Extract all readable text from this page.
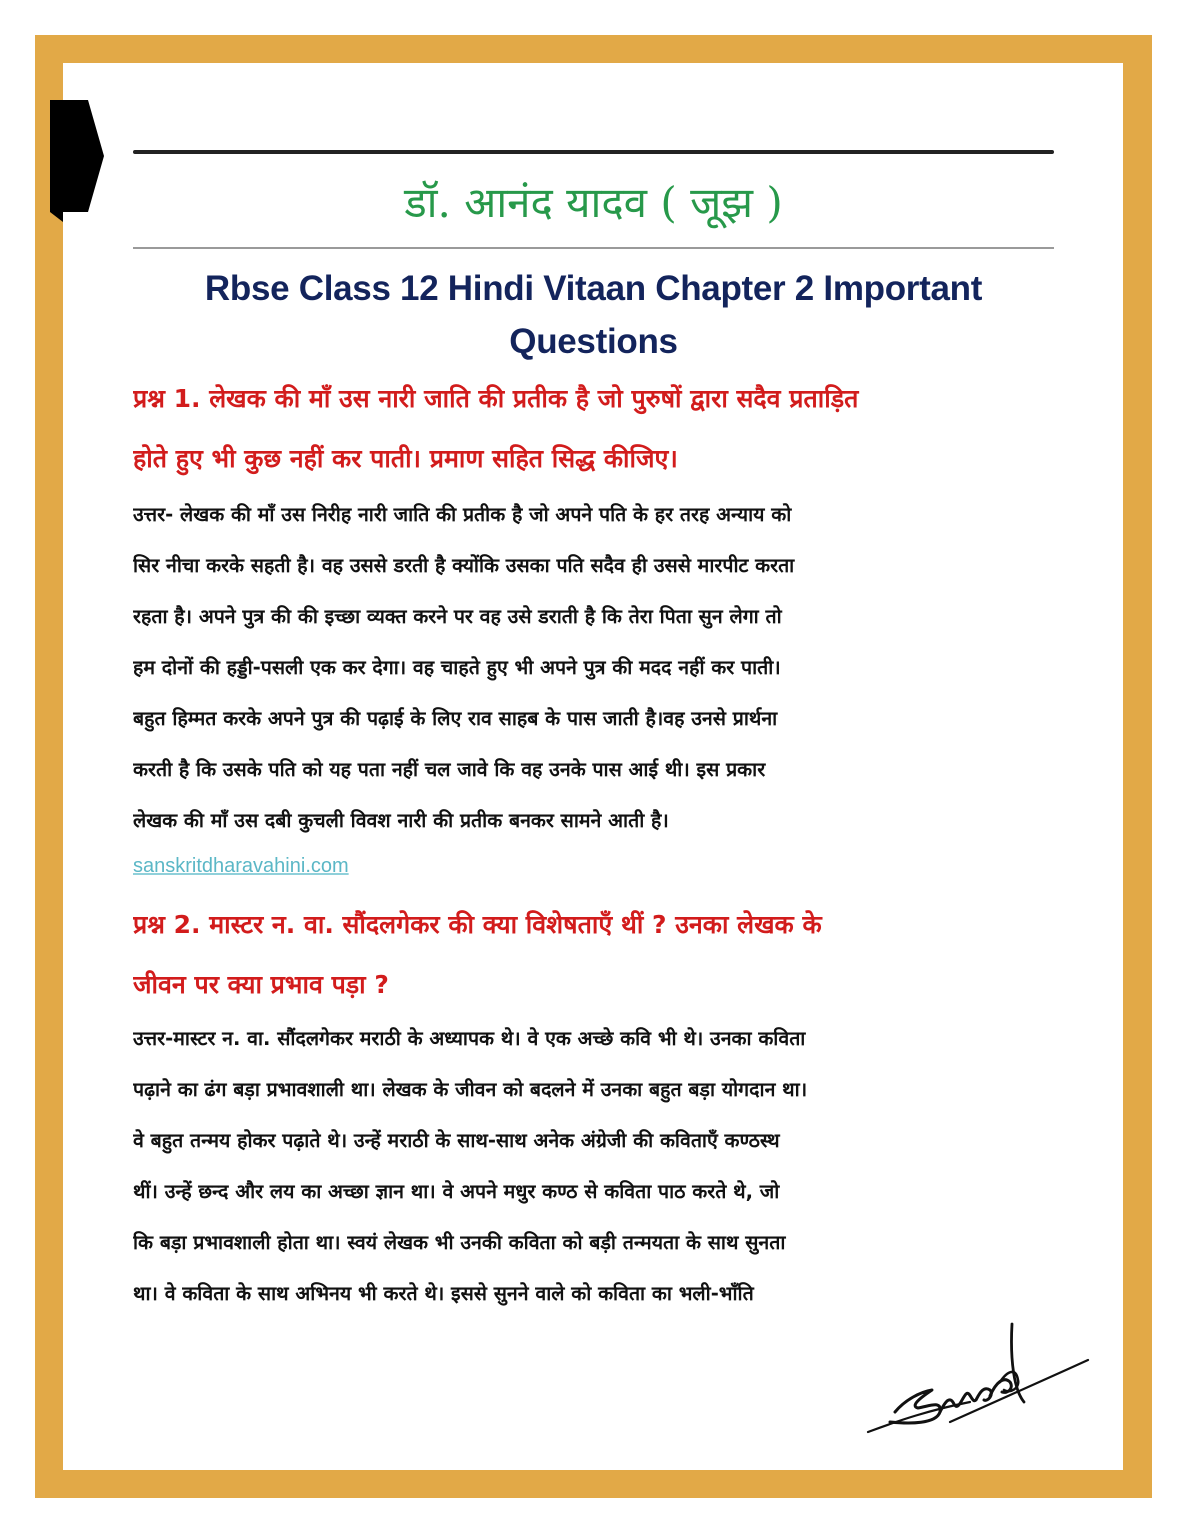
डॉ. आनंद यादव ( जूझ )
Rbse Class 12 Hindi Vitaan Chapter 2 Important
Questions
प्रश्न 1. लेखक की माँ उस नारी जाति की प्रतीक है जो पुरुषों द्वारा सदैव प्रताड़ित
होते हुए भी कुछ नहीं कर पाती। प्रमाण सहित सिद्ध कीजिए।
उत्तर- लेखक की माँ उस निरीह नारी जाति की प्रतीक है जो अपने पति के हर तरह अन्याय को
सिर नीचा करके सहती है। वह उससे डरती है क्योंकि उसका पति सदैव ही उससे मारपीट करता
रहता है। अपने पुत्र की की इच्छा व्यक्त करने पर वह उसे डराती है कि तेरा पिता सुन लेगा तो
हम दोनों की हड्डी-पसली एक कर देगा। वह चाहते हुए भी अपने पुत्र की मदद नहीं कर पाती।
बहुत हिम्मत करके अपने पुत्र की पढ़ाई के लिए राव साहब के पास जाती है।वह उनसे प्रार्थना
करती है कि उसके पति को यह पता नहीं चल जावे कि वह उनके पास आई थी। इस प्रकार
लेखक की माँ उस दबी कुचली विवश नारी की प्रतीक बनकर सामने आती है।
sanskritdharavahini.com
प्रश्न 2. मास्टर न. वा. सौंदलगेकर की क्या विशेषताएँ थीं ? उनका लेखक के
जीवन पर क्या प्रभाव पड़ा ?
उत्तर-मास्टर न. वा. सौंदलगेकर मराठी के अध्यापक थे। वे एक अच्छे कवि भी थे। उनका कविता
पढ़ाने का ढंग बड़ा प्रभावशाली था। लेखक के जीवन को बदलने में उनका बहुत बड़ा योगदान था।
वे बहुत तन्मय होकर पढ़ाते थे। उन्हें मराठी के साथ-साथ अनेक अंग्रेजी की कविताएँ कण्ठस्थ
थीं। उन्हें छन्द और लय का अच्छा ज्ञान था। वे अपने मधुर कण्ठ से कविता पाठ करते थे, जो
कि बड़ा प्रभावशाली होता था। स्वयं लेखक भी उनकी कविता को बड़ी तन्मयता के साथ सुनता
था। वे कविता के साथ अभिनय भी करते थे। इससे सुनने वाले को कविता का भली-भाँति
